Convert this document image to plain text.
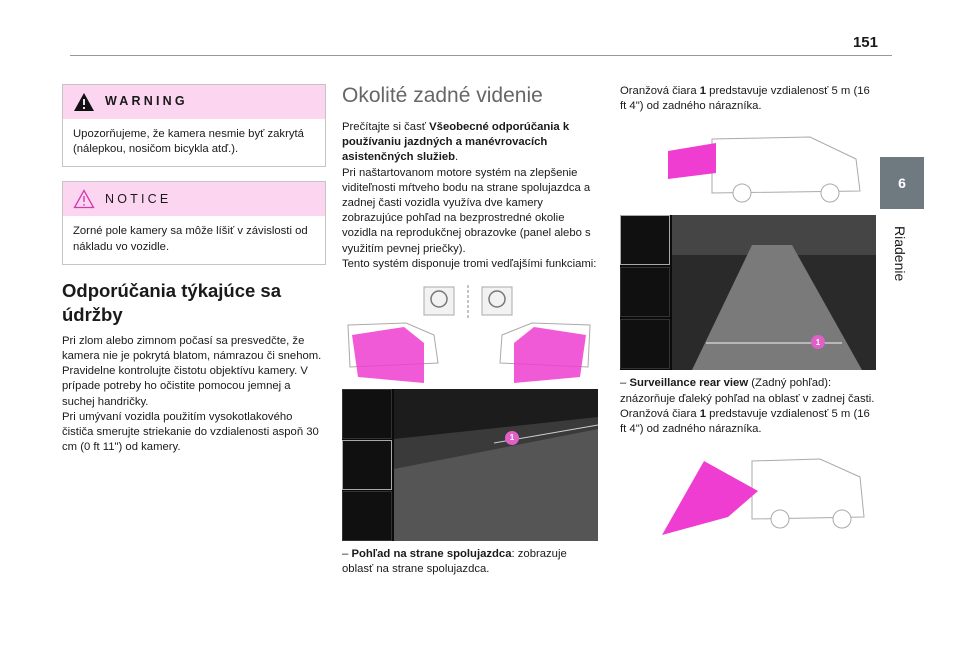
151
6
Riadenie
WARNING

Upozorňujeme, že kamera nesmie byť zakrytá (nálepkou, nosičom bicykla atď.).

NOTICE

Zorné pole kamery sa môže líšiť v závislosti od nákladu vo vozidle.

Odporúčania týkajúce sa údržby

Pri zlom alebo zimnom počasí sa presvedčte, že kamera nie je pokrytá blatom, námrazou či snehom.

Pravidelne kontrolujte čistotu objektívu kamery. V prípade potreby ho očistite pomocou jemnej a suchej handričky.

Pri umývaní vozidla použitím vysokotlakového čističa smerujte striekanie do vzdialenosti aspoň 30 cm (0 ft 11") od kamery.

Okolité zadné videnie

Prečítajte si časť Všeobecné odporúčania k používaniu jazdných a manévrovacích asistenčných služieb.

Pri naštartovanom motore systém na zlepšenie viditeľnosti mŕtveho bodu na strane spolujazdca a zadnej časti vozidla využíva dve kamery zobrazujúce pohľad na bezprostredné okolie vozidla na reprodukčnej obrazovke (panel alebo s využitím pevnej priečky).

Tento systém disponuje tromi vedľajšími funkciami:

1

– Pohľad na strane spolujazdca: zobrazuje oblasť na strane spolujazdca.

Oranžová čiara 1 predstavuje vzdialenosť 5 m (16 ft 4") od zadného nárazníka.

1

– Surveillance rear view (Zadný pohľad): znázorňuje ďaleký pohľad na oblasť v zadnej časti.

Oranžová čiara 1 predstavuje vzdialenosť 5 m (16 ft 4") od zadného nárazníka.
